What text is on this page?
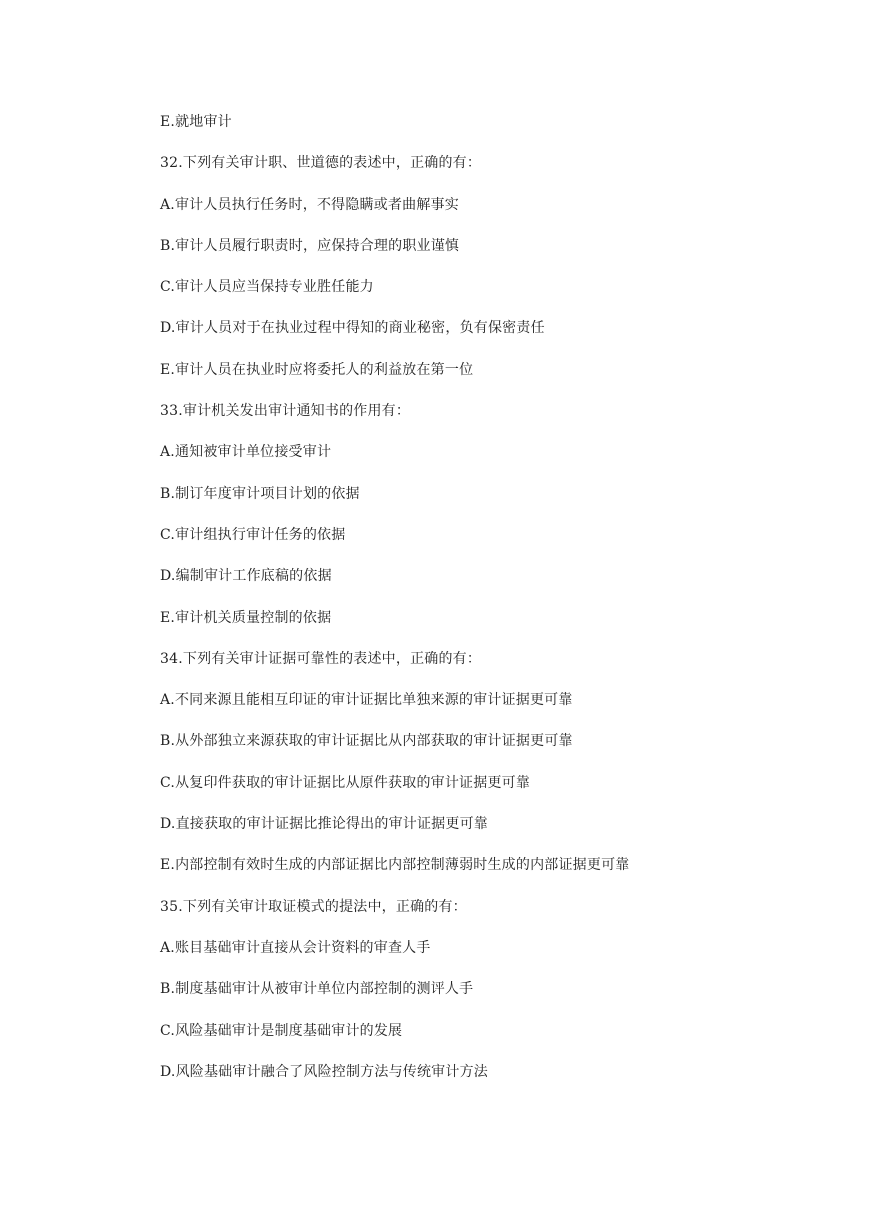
E.就地审计
32.下列有关审计职、世道德的表述中，正确的有：
A.审计人员执行任务时，不得隐瞒或者曲解事实
B.审计人员履行职责时，应保持合理的职业谨慎
C.审计人员应当保持专业胜任能力
D.审计人员对于在执业过程中得知的商业秘密，负有保密责任
E.审计人员在执业时应将委托人的利益放在第一位
33.审计机关发出审计通知书的作用有：
A.通知被审计单位接受审计
B.制订年度审计项目计划的依据
C.审计组执行审计任务的依据
D.编制审计工作底稿的依据
E.审计机关质量控制的依据
34.下列有关审计证据可靠性的表述中，正确的有：
A.不同来源且能相互印证的审计证据比单独来源的审计证据更可靠
B.从外部独立来源获取的审计证据比从内部获取的审计证据更可靠
C.从复印件获取的审计证据比从原件获取的审计证据更可靠
D.直接获取的审计证据比推论得出的审计证据更可靠
E.内部控制有效时生成的内部证据比内部控制薄弱时生成的内部证据更可靠
35.下列有关审计取证模式的提法中，正确的有：
A.账目基础审计直接从会计资料的审查人手
B.制度基础审计从被审计单位内部控制的测评人手
C.风险基础审计是制度基础审计的发展
D.风险基础审计融合了风险控制方法与传统审计方法
